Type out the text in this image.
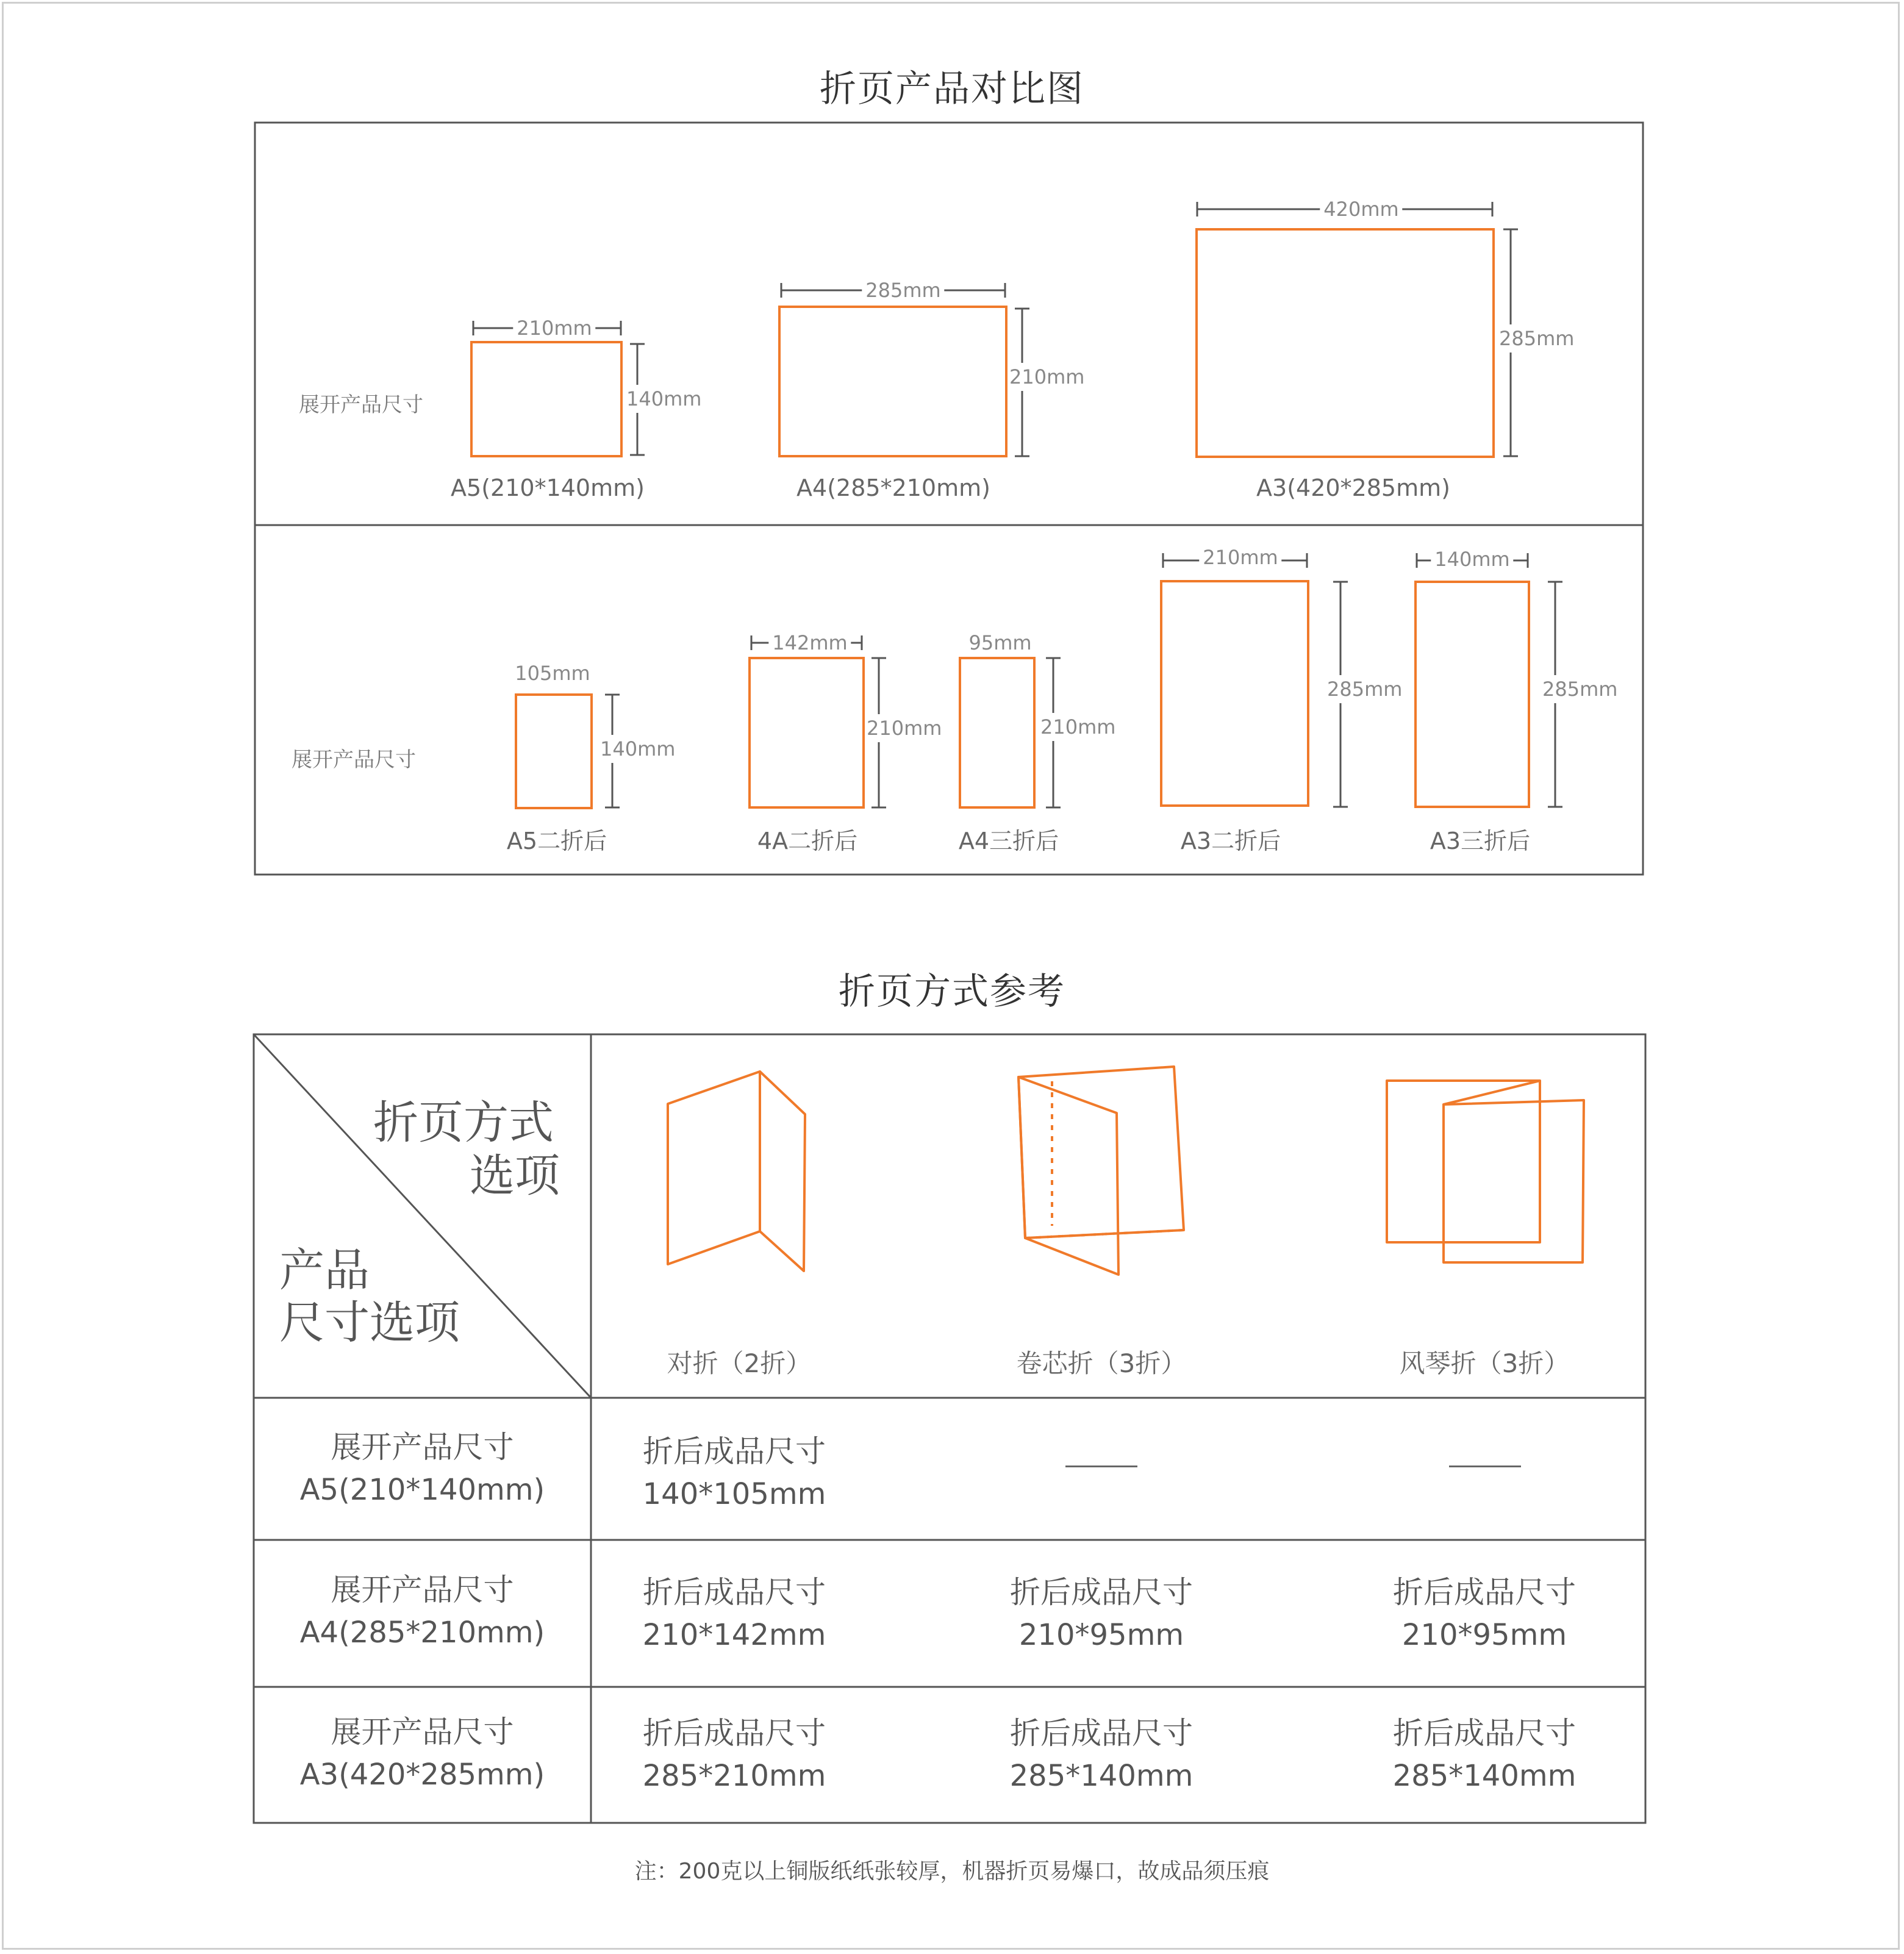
折页产品对比图
展开产品尺寸
210mm
140mm
A5(210*140mm)
285mm
210mm
A4(285*210mm)
420mm
285mm
A3(420*285mm)
展开产品尺寸
105mm
140mm
A5二折后
142mm
210mm
4A二折后
95mm
210mm
A4三折后
210mm
285mm
A3二折后
140mm
285mm
A3三折后
折页方式参考
折页方式
选项
产品
尺寸选项
对折（2折）	卷芯折（3折）	风琴折（3折）
展开产品尺寸
A5(210*140mm)
折后成品尺寸
140*105mm
展开产品尺寸
A4(285*210mm)
折后成品尺寸
210*142mm
折后成品尺寸
210*95mm
折后成品尺寸
210*95mm
展开产品尺寸
A3(420*285mm)
折后成品尺寸
285*210mm
折后成品尺寸
285*140mm
折后成品尺寸
285*140mm
注：200克以上铜版纸纸张较厚，机器折页易爆口，故成品须压痕
